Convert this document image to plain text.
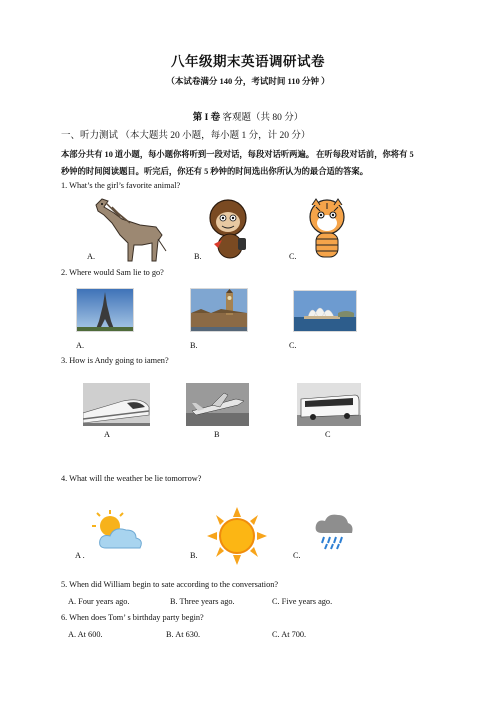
八年级期末英语调研试卷
（本试卷满分 140 分，考试时间 110 分钟 ）
第 I 卷 客观题（共 80 分）
一、听力测试 （本大题共 20 小题，每小题 1 分，计 20 分）
本部分共有 10 道小题，每小题你将听到一段对话，每段对话听两遍。 在听每段对话前，你将有 5
秒钟的时间阅读题目。听完后，你还有 5 秒钟的时间选出你所认为的最合适的答案。
1. What’s the girl’s favorite animal?
A.	B.	C.
2. Where would Sam lie to go?
A.	B.	C.
3. How is Andy going to iamen?
A	B	C
4. What will the weather be lie tomorrow?
A .	B.	C.
5. When did William begin to sate according to the conversation?
A. Four years ago.	B. Three years ago.	C. Five years ago.
6. When does Tom’ s birthday party begin?
A. At 600.	B. At 630.	C. At 700.
